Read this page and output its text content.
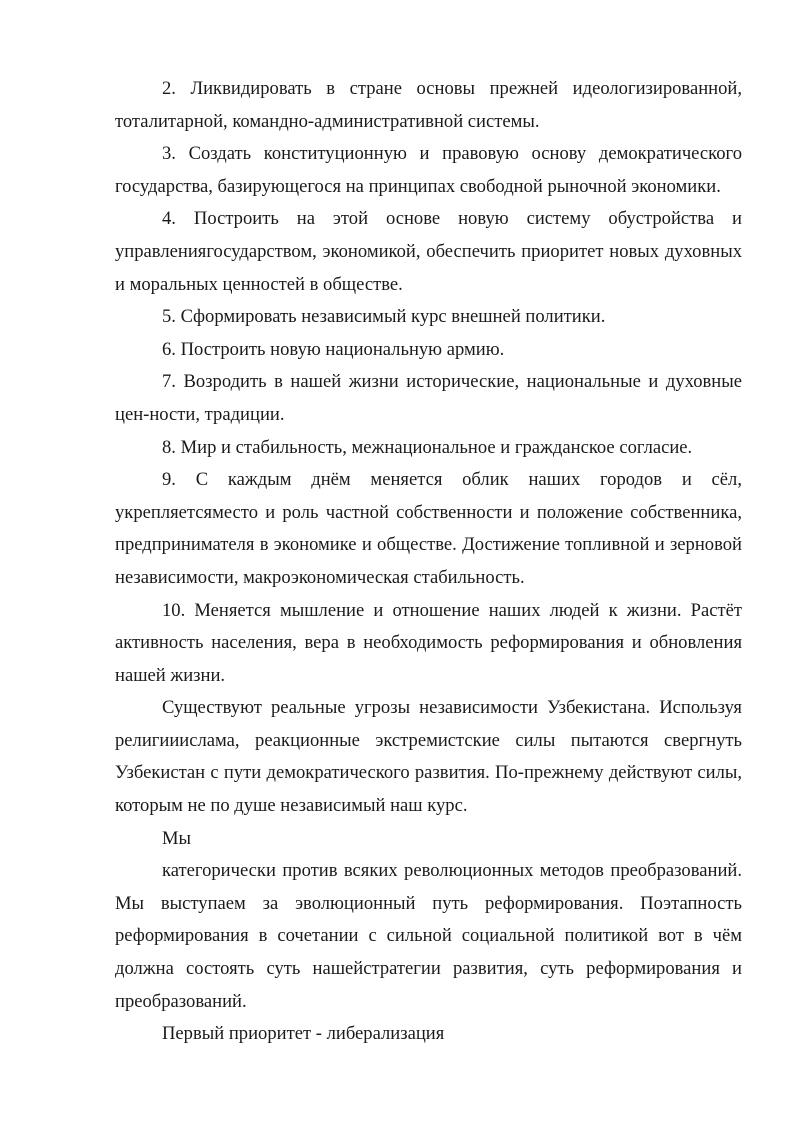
2. Ликвидировать в стране основы прежней идеологизированной, тоталитарной, командно-административной системы.

3. Создать конституционную и правовую основу демократического государства, базирующегося на принципах свободной рыночной экономики.

4. Построить на этой основе новую систему обустройства и управлениягосударством, экономикой, обеспечить приоритет новых духовных и моральных ценностей в обществе.

5. Сформировать независимый курс внешней политики.

6. Построить новую национальную армию.

7. Возродить в нашей жизни исторические, национальные и духовные цен-ности, традиции.

8. Мир и стабильность, межнациональное и гражданское согласие.

9. С каждым днём меняется облик наших городов и сёл, укрепляетсяместо и роль частной собственности и положение собственника, предпринимателя в экономике и обществе. Достижение топливной и зерновой независимости, макроэкономическая стабильность.

10. Меняется мышление и отношение наших людей к жизни. Растёт активность населения, вера в необходимость реформирования и обновления нашей жизни.

Существуют реальные угрозы независимости Узбекистана. Используя религииислама, реакционные экстремистские силы пытаются свергнуть Узбекистан с пути демократического развития. По-прежнему действуют силы, которым не по душе независимый наш курс.

Мы

категорически против всяких революционных методов преобразований. Мы выступаем за эволюционный путь реформирования. Поэтапность реформирования в сочетании с сильной социальной политикой вот в чём должна состоять суть нашейстратегии развития, суть реформирования и преобразований.

Первый приоритет - либерализация
